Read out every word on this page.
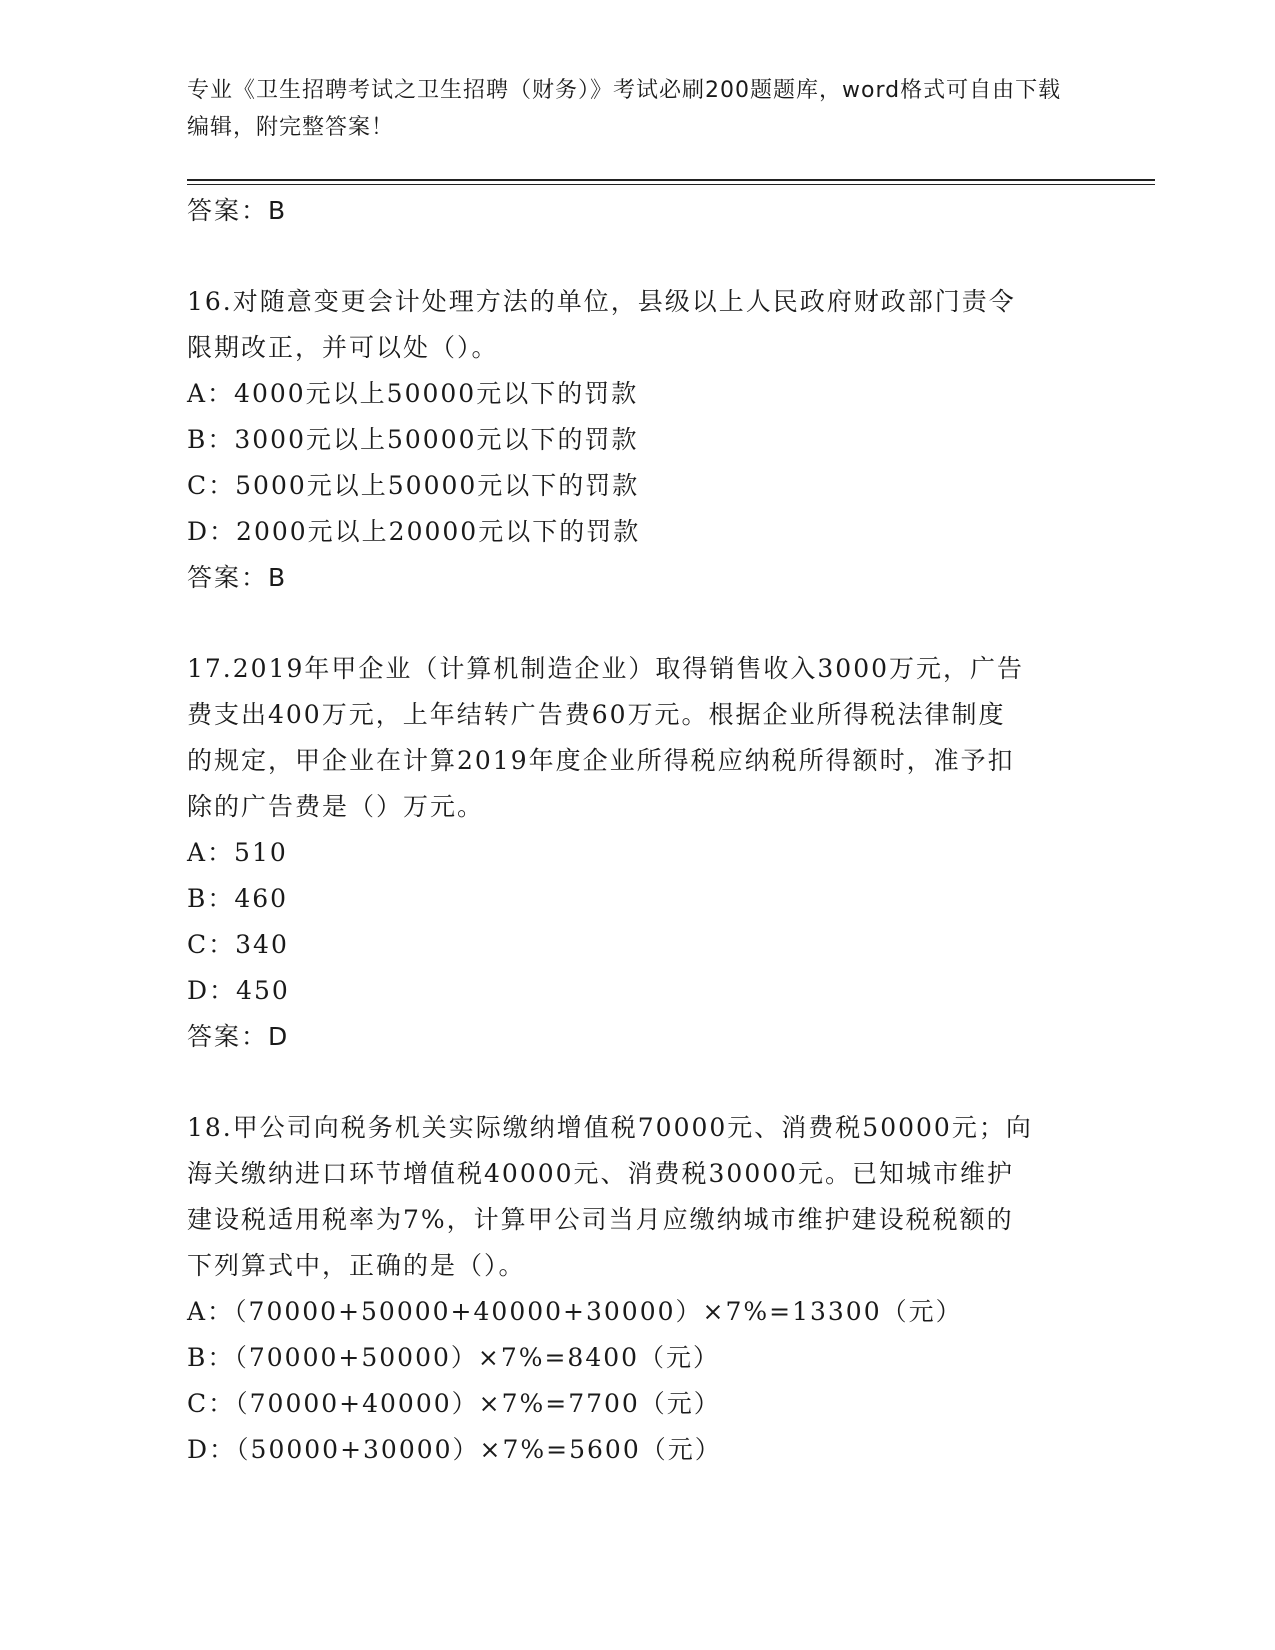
专业《卫生招聘考试之卫生招聘（财务）》考试必刷200题题库，word格式可自由下载编辑，附完整答案！
答案：B
16.对随意变更会计处理方法的单位，县级以上人民政府财政部门责令
限期改正，并可以处（）。
A：4000元以上50000元以下的罚款
B：3000元以上50000元以下的罚款
C：5000元以上50000元以下的罚款
D：2000元以上20000元以下的罚款
答案：B
17.2019年甲企业（计算机制造企业）取得销售收入3000万元，广告
费支出400万元，上年结转广告费60万元。根据企业所得税法律制度
的规定，甲企业在计算2019年度企业所得税应纳税所得额时，准予扣
除的广告费是（）万元。
A：510
B：460
C：340
D：450
答案：D
18.甲公司向税务机关实际缴纳增值税70000元、消费税50000元；向
海关缴纳进口环节增值税40000元、消费税30000元。已知城市维护
建设税适用税率为7%，计算甲公司当月应缴纳城市维护建设税税额的
下列算式中，正确的是（）。
A：（70000+50000+40000+30000）×7%=13300（元）
B：（70000+50000）×7%=8400（元）
C：（70000+40000）×7%=7700（元）
D：（50000+30000）×7%=5600（元）
